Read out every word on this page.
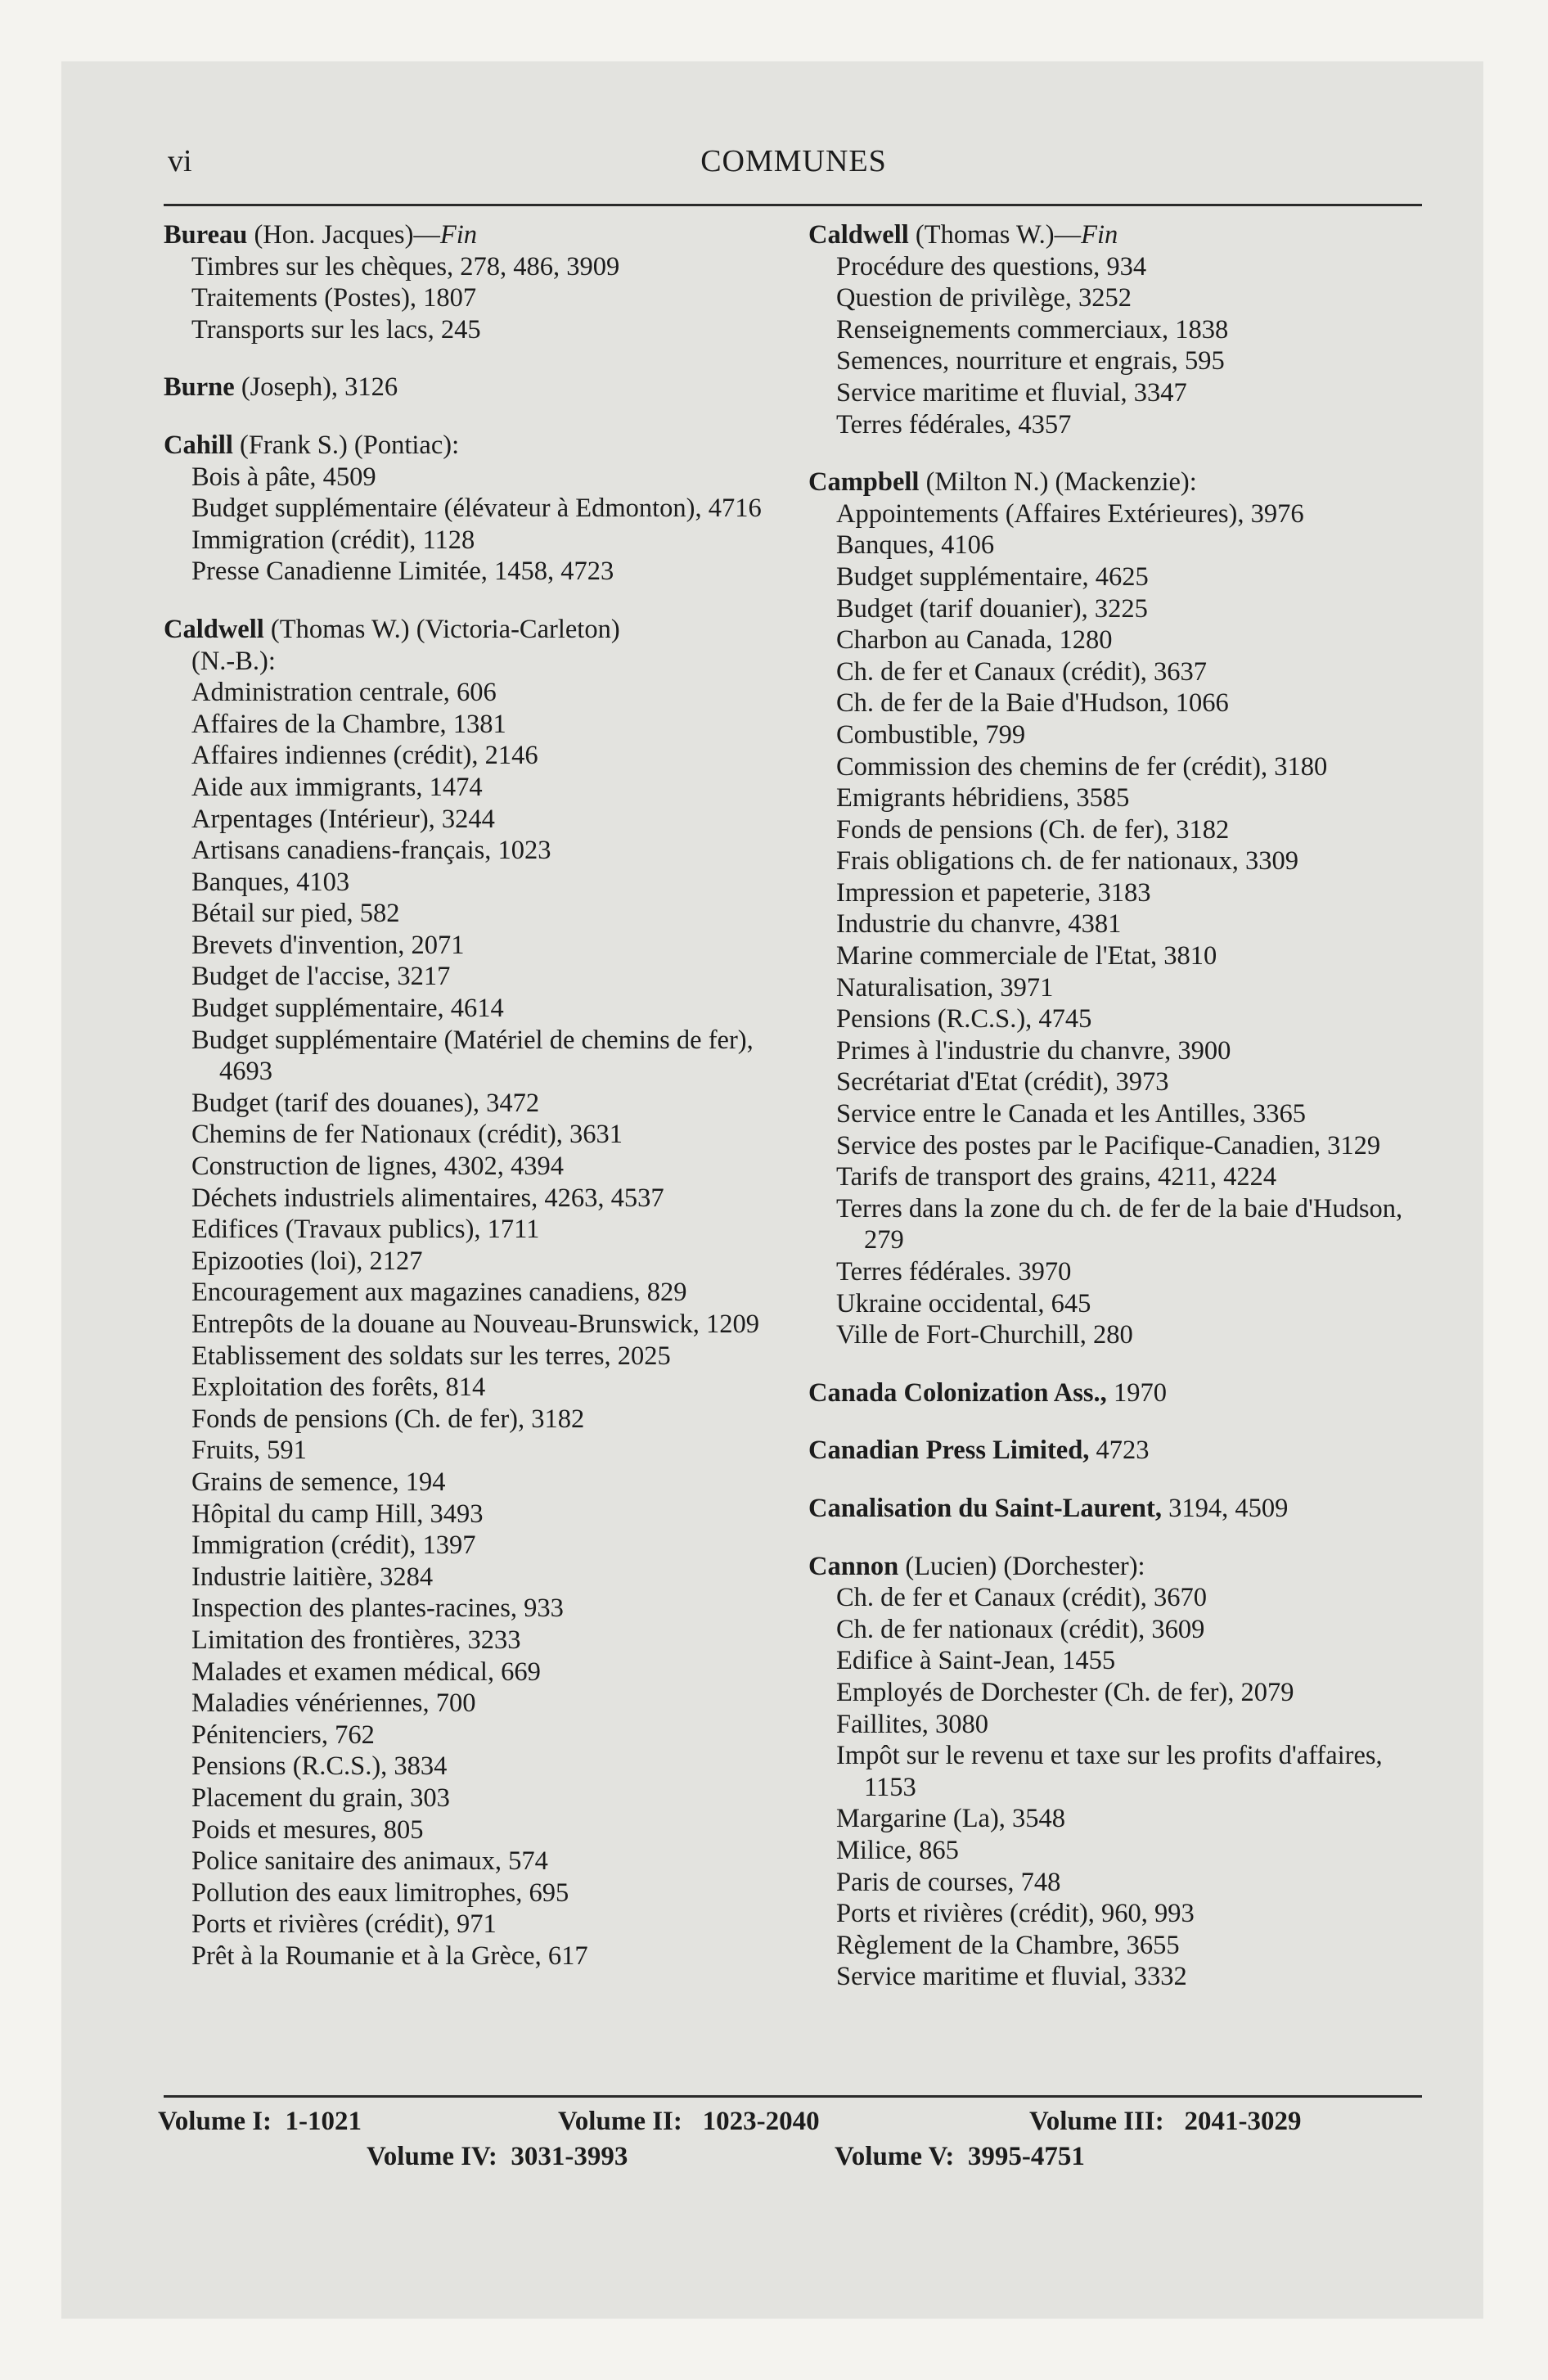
vi	COMMUNES
Bureau (Hon. Jacques)—Fin
Timbres sur les chèques, 278, 486, 3909
Traitements (Postes), 1807
Transports sur les lacs, 245
Burne (Joseph), 3126
Cahill (Frank S.) (Pontiac):
Bois à pâte, 4509
Budget supplémentaire (élévateur à Edmonton), 4716
Immigration (crédit), 1128
Presse Canadienne Limitée, 1458, 4723
Caldwell (Thomas W.) (Victoria-Carleton)
(N.-B.):
Administration centrale, 606
Affaires de la Chambre, 1381
Affaires indiennes (crédit), 2146
Aide aux immigrants, 1474
Arpentages (Intérieur), 3244
Artisans canadiens-français, 1023
Banques, 4103
Bétail sur pied, 582
Brevets d'invention, 2071
Budget de l'accise, 3217
Budget supplémentaire, 4614
Budget supplémentaire (Matériel de chemins de fer), 4693
Budget (tarif des douanes), 3472
Chemins de fer Nationaux (crédit), 3631
Construction de lignes, 4302, 4394
Déchets industriels alimentaires, 4263, 4537
Edifices (Travaux publics), 1711
Epizooties (loi), 2127
Encouragement aux magazines canadiens, 829
Entrepôts de la douane au Nouveau-Brunswick, 1209
Etablissement des soldats sur les terres, 2025
Exploitation des forêts, 814
Fonds de pensions (Ch. de fer), 3182
Fruits, 591
Grains de semence, 194
Hôpital du camp Hill, 3493
Immigration (crédit), 1397
Industrie laitière, 3284
Inspection des plantes-racines, 933
Limitation des frontières, 3233
Malades et examen médical, 669
Maladies vénériennes, 700
Pénitenciers, 762
Pensions (R.C.S.), 3834
Placement du grain, 303
Poids et mesures, 805
Police sanitaire des animaux, 574
Pollution des eaux limitrophes, 695
Ports et rivières (crédit), 971
Prêt à la Roumanie et à la Grèce, 617
Caldwell (Thomas W.)—Fin
Procédure des questions, 934
Question de privilège, 3252
Renseignements commerciaux, 1838
Semences, nourriture et engrais, 595
Service maritime et fluvial, 3347
Terres fédérales, 4357
Campbell (Milton N.) (Mackenzie):
Appointements (Affaires Extérieures), 3976
Banques, 4106
Budget supplémentaire, 4625
Budget (tarif douanier), 3225
Charbon au Canada, 1280
Ch. de fer et Canaux (crédit), 3637
Ch. de fer de la Baie d'Hudson, 1066
Combustible, 799
Commission des chemins de fer (crédit), 3180
Emigrants hébridiens, 3585
Fonds de pensions (Ch. de fer), 3182
Frais obligations ch. de fer nationaux, 3309
Impression et papeterie, 3183
Industrie du chanvre, 4381
Marine commerciale de l'Etat, 3810
Naturalisation, 3971
Pensions (R.C.S.), 4745
Primes à l'industrie du chanvre, 3900
Secrétariat d'Etat (crédit), 3973
Service entre le Canada et les Antilles, 3365
Service des postes par le Pacifique-Canadien, 3129
Tarifs de transport des grains, 4211, 4224
Terres dans la zone du ch. de fer de la baie d'Hudson, 279
Terres fédérales. 3970
Ukraine occidental, 645
Ville de Fort-Churchill, 280
Canada Colonization Ass., 1970
Canadian Press Limited, 4723
Canalisation du Saint-Laurent, 3194, 4509
Cannon (Lucien) (Dorchester):
Ch. de fer et Canaux (crédit), 3670
Ch. de fer nationaux (crédit), 3609
Edifice à Saint-Jean, 1455
Employés de Dorchester (Ch. de fer), 2079
Faillites, 3080
Impôt sur le revenu et taxe sur les profits d'affaires, 1153
Margarine (La), 3548
Milice, 865
Paris de courses, 748
Ports et rivières (crédit), 960, 993
Règlement de la Chambre, 3655
Service maritime et fluvial, 3332
Volume I: 1-1021	Volume II: 1023-2040	Volume III: 2041-3029
Volume IV: 3031-3993	Volume V: 3995-4751
